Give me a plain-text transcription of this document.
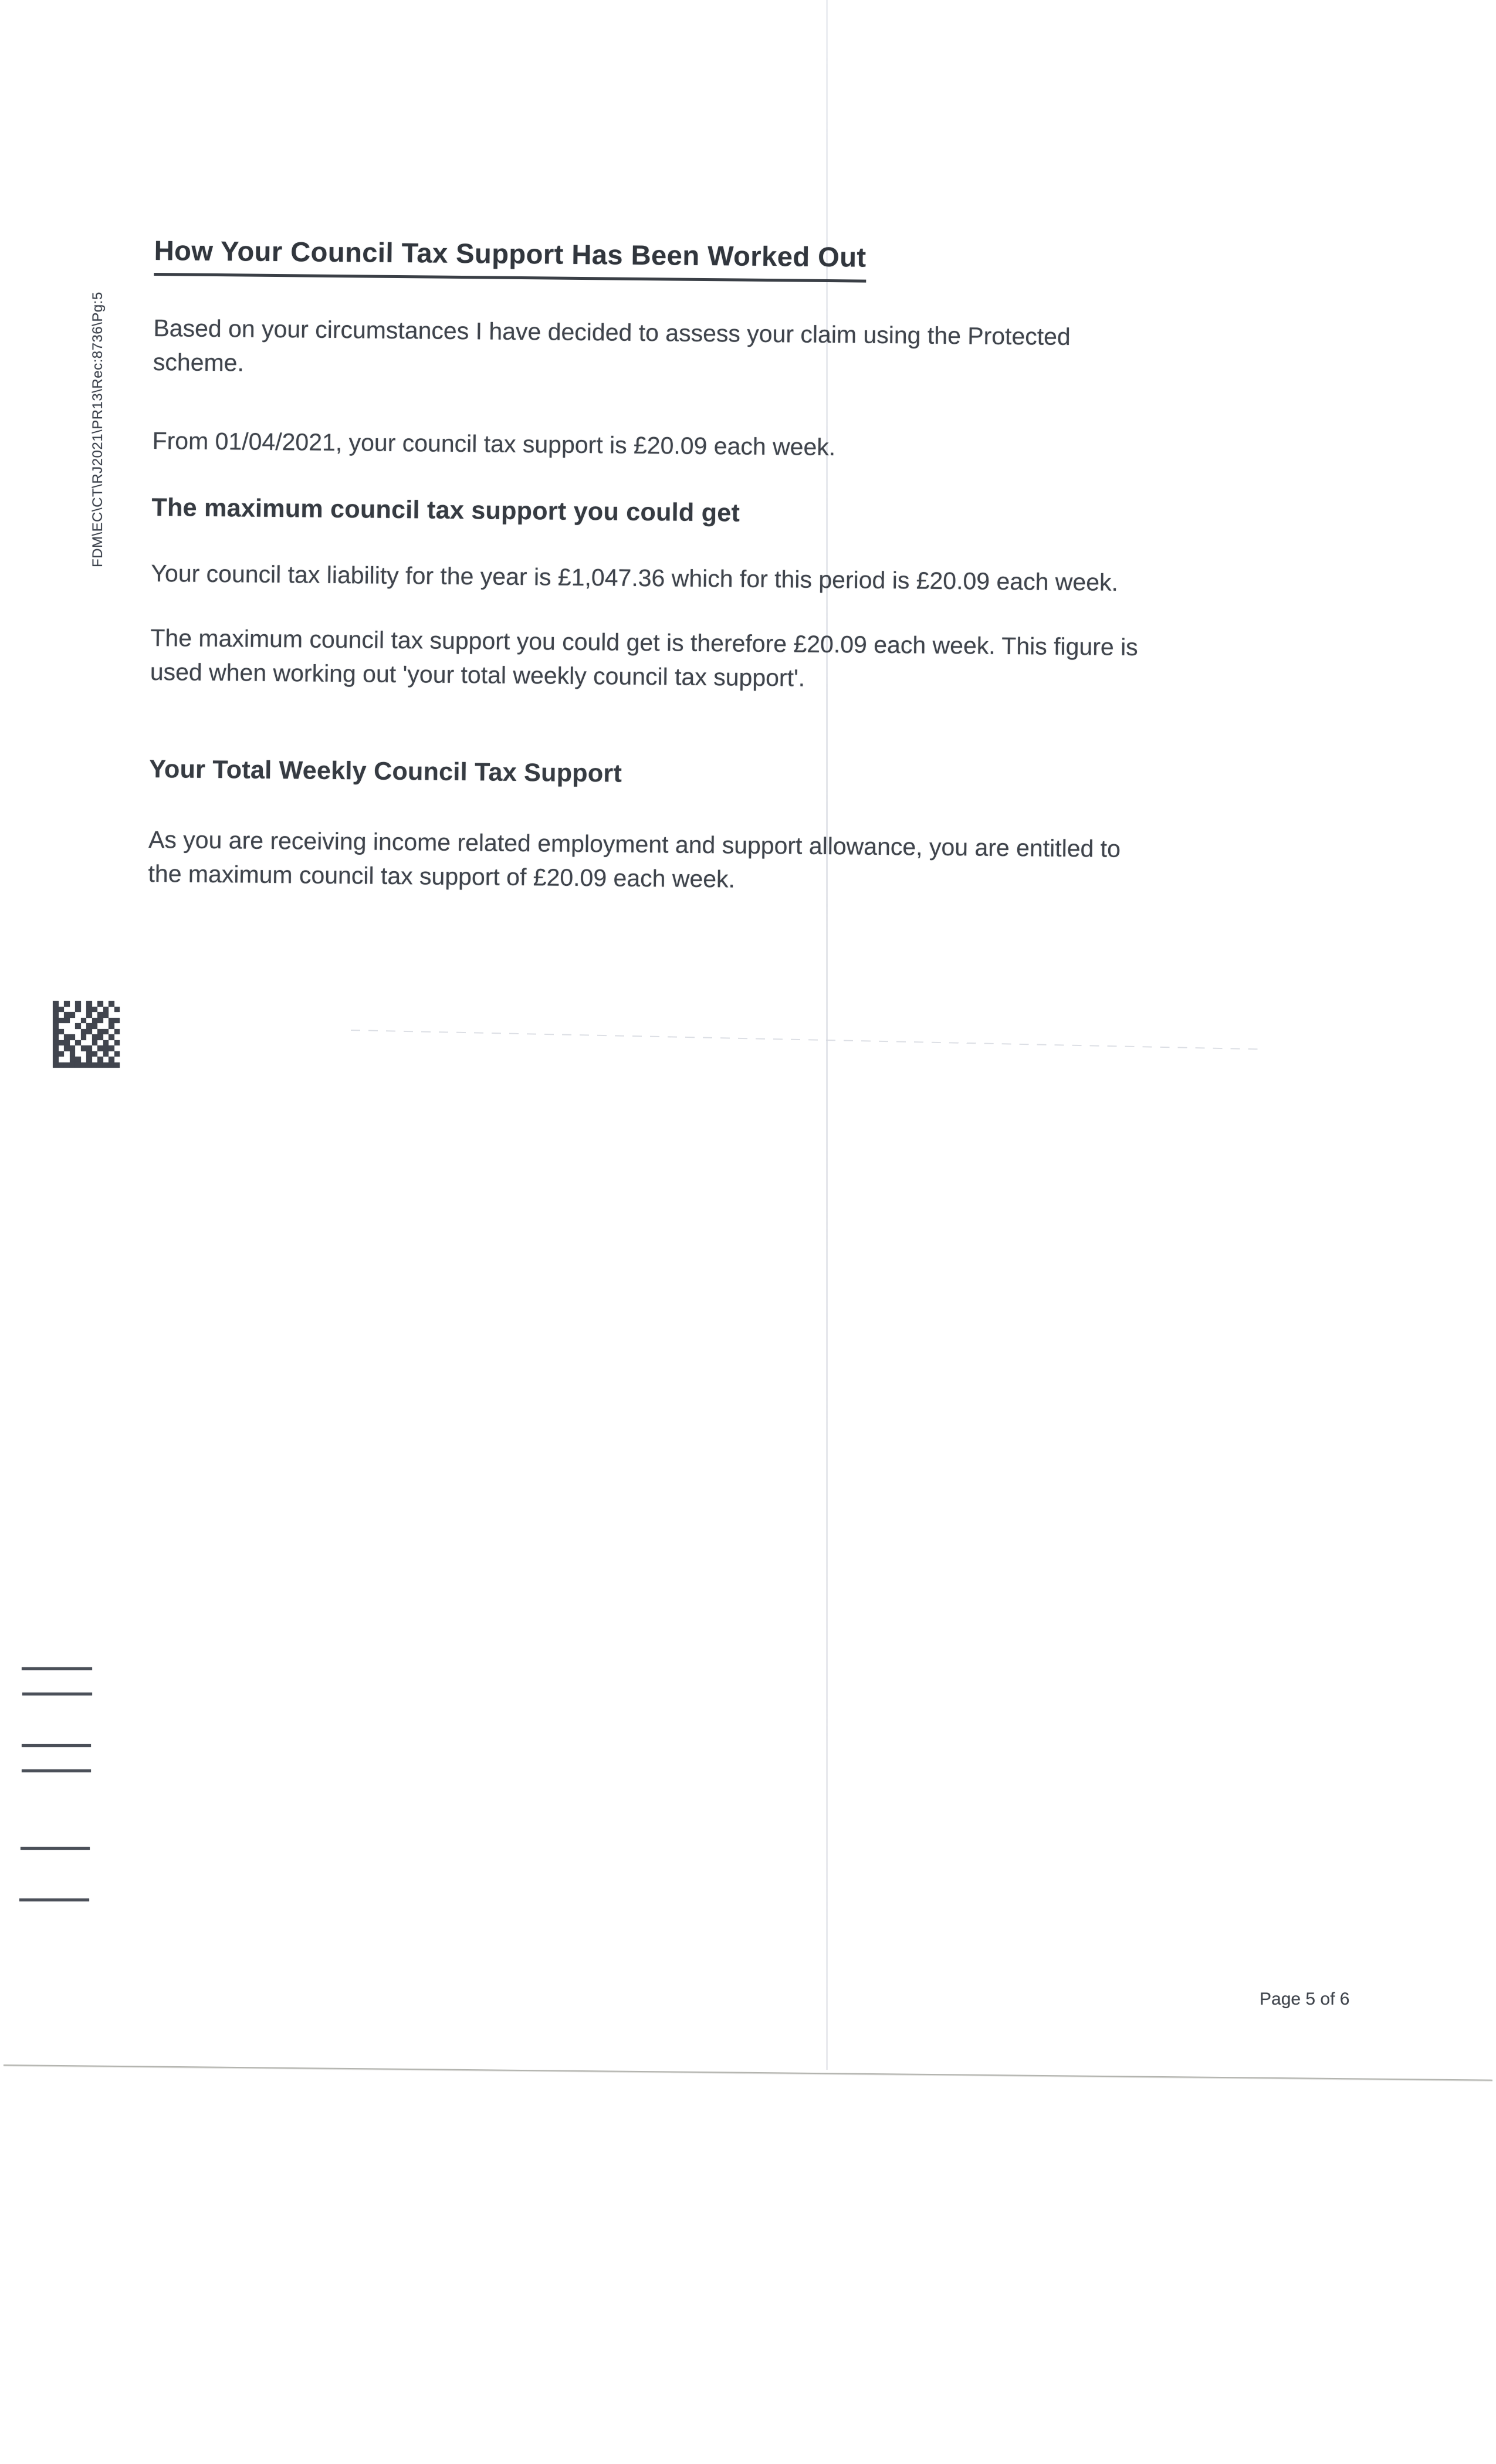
FDM\EC\CT\RJ2021\PR13\Rec:8736\Pg:5
How Your Council Tax Support Has Been Worked Out
Based on your circumstances I have decided to assess your claim using the Protected
scheme.
From 01/04/2021, your council tax support is £20.09 each week.
The maximum council tax support you could get
Your council tax liability for the year is £1,047.36 which for this period is £20.09 each week.
The maximum council tax support you could get is therefore £20.09 each week. This figure is
used when working out 'your total weekly council tax support'.
Your Total Weekly Council Tax Support
As you are receiving income related employment and support allowance, you are entitled to
the maximum council tax support of £20.09 each week.
Page 5 of 6
